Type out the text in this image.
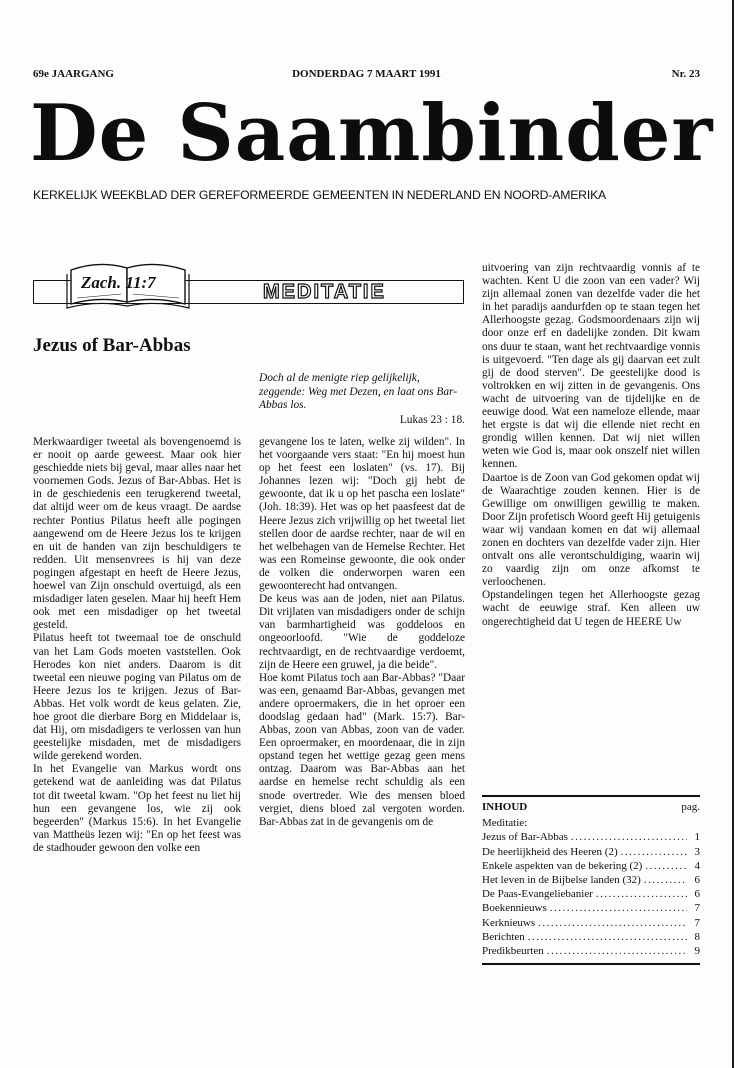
DONDERDAG 7 MAART 1991
69e JAARGANG	Nr. 23
De Saambinder
KERKELIJK WEEKBLAD DER GEREFORMEERDE GEMEENTEN IN NEDERLAND EN NOORD-AMERIKA
Zach. 11:7	MEDITATIE
Jezus of Bar-Abbas
Doch al de menigte riep gelijkelijk, zeggende: Weg met Dezen, en laat ons Bar-Abbas los.
Lukas 23 : 18.

Merkwaardiger tweetal als bovengenoemd is er nooit op aarde geweest. Maar ook hier geschiedde niets bij geval, maar alles naar het voornemen Gods. Jezus of Bar-Abbas. Het is in de geschiedenis een terugkerend tweetal, dat altijd weer om de keus vraagt. De aardse rechter Pontius Pilatus heeft alle pogingen aangewend om de Heere Jezus los te krijgen en uit de handen van zijn beschuldigers te redden. Uit mensenvrees is hij van deze pogingen afgestapt en heeft de Heere Jezus, hoewel van Zijn onschuld overtuigd, als een misdadiger laten geselen. Maar hij heeft Hem ook met een misdadiger op het tweetal gesteld.

Pilatus heeft tot tweemaal toe de onschuld van het Lam Gods moeten vaststellen. Ook Herodes kon niet anders. Daarom is dit tweetal een nieuwe poging van Pilatus om de Heere Jezus los te krijgen. Jezus of Bar-Abbas. Het volk wordt de keus gelaten. Zie, hoe groot die dierbare Borg en Middelaar is, dat Hij, om misdadigers te verlossen van hun geestelijke misdaden, met de misdadigers wilde gerekend worden.

In het Evangelie van Markus wordt ons getekend wat de aanleiding was dat Pilatus tot dit tweetal kwam. "Op het feest nu liet hij hun een gevangene los, wie zij ook begeerden" (Markus 15:6). In het Evangelie van Mattheüs lezen wij: "En op het feest was de stadhouder gewoon den volke een

gevangene los te laten, welke zij wilden". In het voorgaande vers staat: "En hij moest hun op het feest een loslaten" (vs. 17). Bij Johannes lezen wij: "Doch gij hebt de gewoonte, dat ik u op het pascha een loslate" (Joh. 18:39). Het was op het paasfeest dat de Heere Jezus zich vrijwillig op het tweetal liet stellen door de aardse rechter, naar de wil en het welbehagen van de Hemelse Rechter. Het was een Romeinse gewoonte, die ook onder de volken die onderworpen waren een gewoonterecht had ontvangen.

De keus was aan de joden, niet aan Pilatus. Dit vrijlaten van misdadigers onder de schijn van barmhartigheid was goddeloos en ongeoorloofd. "Wie de goddeloze rechtvaardigt, en de rechtvaardige verdoemt, zijn de Heere een gruwel, ja die beide".

Hoe komt Pilatus toch aan Bar-Abbas? "Daar was een, genaamd Bar-Abbas, gevangen met andere oproermakers, die in het oproer een doodslag gedaan had" (Mark. 15:7). Bar-Abbas, zoon van Abbas, zoon van de vader. Een oproermaker, en moordenaar, die in zijn opstand tegen het wettige gezag geen mens ontzag. Daarom was Bar-Abbas aan het aardse en hemelse recht schuldig als een snode overtreder. Wie des mensen bloed vergiet, diens bloed zal vergoten worden. Bar-Abbas zat in de gevangenis om de

uitvoering van zijn rechtvaardig vonnis af te wachten. Kent U die zoon van een vader? Wij zijn allemaal zonen van dezelfde vader die het in het paradijs aandurfden op te staan tegen het Allerhoogste gezag. Godsmoordenaars zijn wij door onze erf en dadelijke zonden. Dit kwam ons duur te staan, want het rechtvaardige vonnis is uitgevoerd. "Ten dage als gij daarvan eet zult gij de dood sterven". De geestelijke dood is voltrokken en wij zitten in de gevangenis. Ons wacht de uitvoering van de tijdelijke en de eeuwige dood. Wat een nameloze ellende, maar het ergste is dat wij die ellende niet recht en grondig willen kennen. Dat wij niet willen weten wie God is, maar ook onszelf niet willen kennen.

Daartoe is de Zoon van God gekomen opdat wij de Waarachtige zouden kennen. Hier is de Gewillige om onwilligen gewillig te maken. Door Zijn profetisch Woord geeft Hij getuigenis waar wij vandaan komen en dat wij allemaal zonen en dochters van dezelfde vader zijn. Hier ontvalt ons alle verontschuldiging, waarin wij zo vaardig zijn om onze afkomst te verloochenen.

Opstandelingen tegen het Allerhoogste gezag wacht de eeuwige straf. Ken alleen uw ongerechtigheid dat U tegen de HEERE Uw

INHOUD	pag.
Meditatie:
Jezus of Bar-Abbas .....	1
De heerlijkheid des Heeren (2) .....	3
Enkele aspekten van de bekering (2) .....	4
Het leven in de Bijbelse landen (32) .....	6
De Paas-Evangeliebanier .....	6
Boekennieuws .....	7
Kerknieuws .....	7
Berichten .....	8
Predikbeurten .....	9
